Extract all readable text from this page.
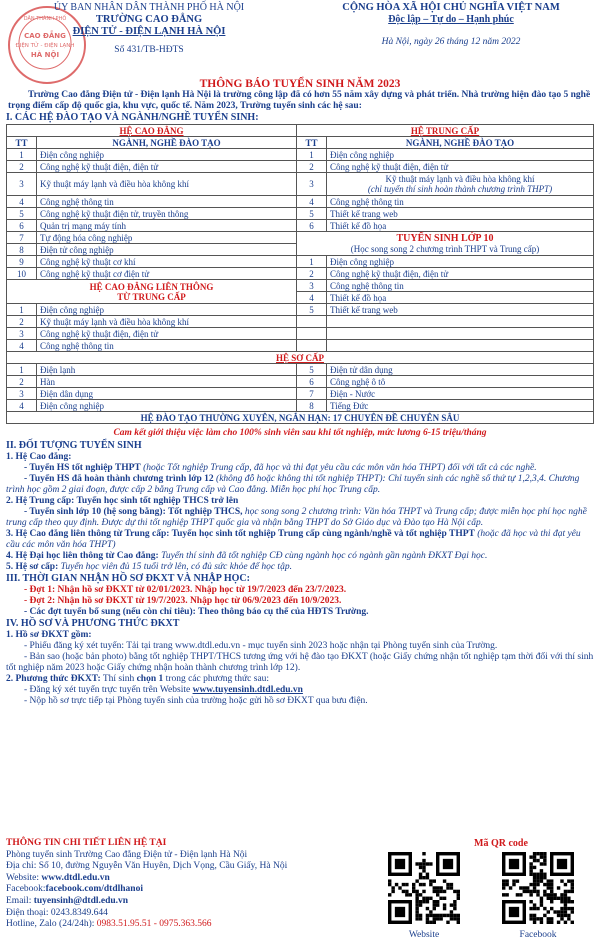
CAO ĐẲNG
ĐIỆN TỬ - ĐIỆN LẠNH
HÀ NỘI
DÂN THÀNH PHỐ
ỦY BAN NHÂN DÂN THÀNH PHỐ HÀ NỘI
TRƯỜNG CAO ĐẲNG
ĐIỆN TỬ - ĐIỆN LẠNH HÀ NỘI
Số 431/TB-HĐTS
CỘNG HÒA XÃ HỘI CHỦ NGHĨA VIỆT NAM
Độc lập – Tự do – Hạnh phúc
Hà Nội, ngày 26 tháng 12 năm 2022
THÔNG BÁO TUYỂN SINH NĂM 2023
Trường Cao đẳng Điện tử - Điện lạnh Hà Nội là trường công lập đã có hơn 55 năm xây dựng và phát triển. Nhà trường hiện đào tạo 5 nghề trọng điểm cấp độ quốc gia, khu vực, quốc tế. Năm 2023, Trường tuyển sinh các hệ sau:
I. CÁC HỆ ĐÀO TẠO VÀ NGÀNH/NGHỀ TUYỂN SINH:
HỆ CAO ĐẲNG		HỆ TRUNG CẤP	
TT	NGÀNH, NGHỀ ĐÀO TẠO	TT	NGÀNH, NGHỀ ĐÀO TẠO
1	Điện công nghiệp	1	Điện công nghiệp
2	Công nghệ kỹ thuật điện, điện tử	2	Công nghệ kỹ thuật điện, điện tử
3	Kỹ thuật máy lạnh và điều hòa không khí	3	Kỹ thuật máy lạnh và điều hòa không khí
(chỉ tuyển thí sinh hoàn thành chương trình THPT)

4	Công nghệ thông tin	4	Công nghệ thông tin
5	Công nghệ kỹ thuật điện tử, truyền thông	5	Thiết kế trang web
6	Quản trị mạng máy tính	6	Thiết kế đồ họa
7	Tự động hóa công nghiệp	TUYỂN SINH LỚP 10
(Học song song 2 chương trình THPT và Trung cấp)	

8	Điện tử công nghiệp		
9	Công nghệ kỹ thuật cơ khí	1	Điện công nghiệp
10	Công nghệ kỹ thuật cơ điện tử	2	Công nghệ kỹ thuật điện, điện tử

HỆ CAO ĐẲNG LIÊN THÔNG
TỪ TRUNG CẤP		3	Công nghệ thông tin
		4	Thiết kế đồ họa
1	Điện công nghiệp	5	Thiết kế trang web
2	Kỹ thuật máy lạnh và điều hòa không khí		
3	Công nghệ kỹ thuật điện, điện tử		
4	Công nghệ thông tin		
HỆ SƠ CẤP			
1	Điện lạnh	5	Điện tử dân dụng
2	Hàn	6	Công nghệ ô tô
3	Điện dân dụng	7	Điện - Nước
4	Điện công nghiệp	8	Tiếng Đức
HỆ ĐÀO TẠO THƯỜNG XUYÊN, NGẮN HẠN: 17 CHUYÊN ĐỀ CHUYÊN SÂU			
Cam kết giới thiệu việc làm cho 100% sinh viên sau khi tốt nghiệp, mức lương 6-15 triệu/tháng

II. ĐỐI TƯỢNG TUYỂN SINH

1. Hệ Cao đẳng:

- Tuyển HS tốt nghiệp THPT (hoặc Tốt nghiệp Trung cấp, đã học và thi đạt yêu cầu các môn văn hóa THPT) đối với tất cả các nghề.

- Tuyển HS đã hoàn thành chương trình lớp 12 (không đỗ hoặc không thi tốt nghiệp THPT): Chỉ tuyển sinh các nghề số thứ tự 1,2,3,4. Chương trình học gồm 2 giai đoạn, được cấp 2 bằng Trung cấp và Cao đẳng. Miễn học phí học Trung cấp.

2. Hệ Trung cấp: Tuyển học sinh tốt nghiệp THCS trở lên

- Tuyển sinh lớp 10 (hệ song bằng): Tốt nghiệp THCS, học song song 2 chương trình: Văn hóa THPT và Trung cấp; được miễn học phí học nghề trung cấp theo quy định. Được dự thi tốt nghiệp THPT quốc gia và nhận bằng THPT do Sở Giáo dục và Đào tạo Hà Nội cấp.

3. Hệ Cao đẳng liên thông từ Trung cấp: Tuyển học sinh tốt nghiệp Trung cấp cùng ngành/nghề và tốt nghiệp THPT (hoặc đã học và thi đạt yêu cầu các môn văn hóa THPT)

4. Hệ Đại học liên thông từ Cao đẳng: Tuyển thí sinh đã tốt nghiệp CĐ cùng ngành học có ngành gần ngành ĐKXT Đại học.

5. Hệ sơ cấp: Tuyển học viên đủ 15 tuổi trở lên, có đủ sức khỏe để học tập.

III. THỜI GIAN NHẬN HỒ SƠ ĐKXT VÀ NHẬP HỌC:

- Đợt 1: Nhận hồ sơ ĐKXT từ 02/01/2023. Nhập học từ 19/7/2023 đến 23/7/2023.

- Đợt 2: Nhận hồ sơ ĐKXT từ 19/7/2023. Nhập học từ 06/9/2023 đến 10/9/2023.

- Các đợt tuyển bổ sung (nếu còn chỉ tiêu): Theo thông báo cụ thể của HĐTS Trường.

IV. HỒ SƠ VÀ PHƯƠNG THỨC ĐKXT

1. Hồ sơ ĐKXT gồm:

- Phiếu đăng ký xét tuyển: Tải tại trang www.dtdl.edu.vn - mục tuyển sinh 2023 hoặc nhận tại Phòng tuyển sinh của Trường.

- Bản sao (hoặc bản photo) bằng tốt nghiệp THPT/THCS tương ứng với hệ đào tạo ĐKXT (hoặc Giấy chứng nhận tốt nghiệp tạm thời đối với thí sinh tốt nghiệp năm 2023 hoặc Giấy chứng nhận hoàn thành chương trình lớp 12).

2. Phương thức ĐKXT: Thí sinh chọn 1 trong các phương thức sau:

- Đăng ký xét tuyển trực tuyến trên Website www.tuyensinh.dtdl.edu.vn

- Nộp hồ sơ trực tiếp tại Phòng tuyển sinh của trường hoặc gửi hồ sơ ĐKXT qua bưu điện.

THÔNG TIN CHI TIẾT LIÊN HỆ TẠI
Phòng tuyển sinh Trường Cao đẳng Điện tử - Điện lạnh Hà Nội
Địa chỉ: Số 10, đường Nguyễn Văn Huyên, Dịch Vọng, Cầu Giấy, Hà Nội
Website: www.dtdl.edu.vn
Facebook:facebook.com/dtdlhanoi
Email: tuyensinh@dtdl.edu.vn
Điện thoại: 0243.8349.644
Hotline, Zalo (24/24h): 0983.51.95.51 - 0975.363.566
Mã QR code
Website	Facebook
